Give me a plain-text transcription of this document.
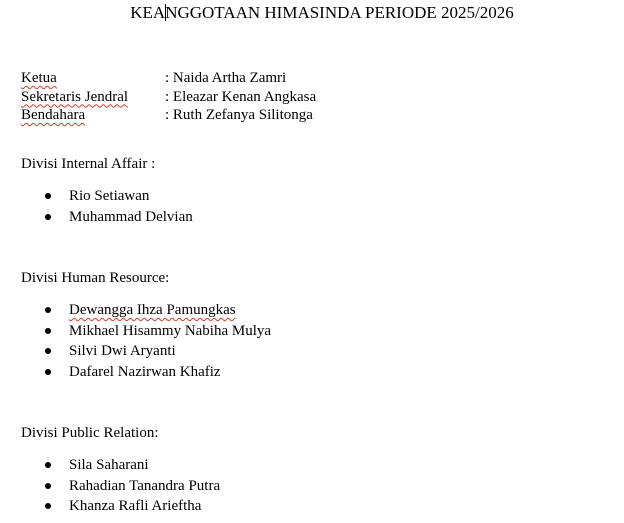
KEANGGOTAAN HIMASINDA PERIODE 2025/2026
Ketua	: Naida Artha Zamri
Sekretaris Jendral	: Eleazar Kenan Angkasa
Bendahara	: Ruth Zefanya Silitonga
Divisi Internal Affair :
Rio Setiawan
Muhammad Delvian
Divisi Human Resource:
Dewangga Ihza Pamungkas
Mikhael Hisammy Nabiha Mulya
Silvi Dwi Aryanti
Dafarel Nazirwan Khafiz
Divisi Public Relation:
Sila Saharani
Rahadian Tanandra Putra
Khanza Rafli Arieftha
